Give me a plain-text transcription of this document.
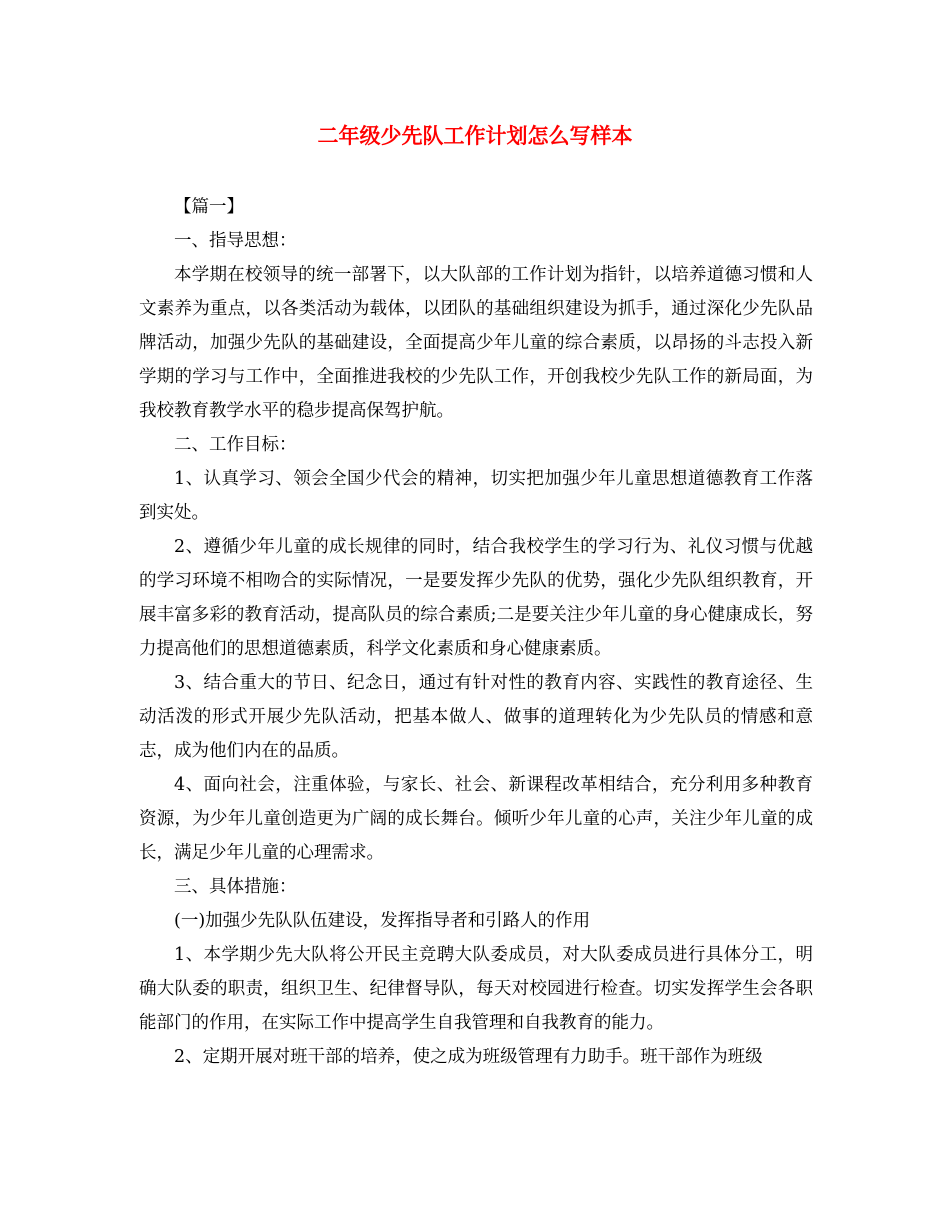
二年级少先队工作计划怎么写样本

【篇一】

一、指导思想：

本学期在校领导的统一部署下，以大队部的工作计划为指针，以培养道德习惯和人文素养为重点，以各类活动为载体，以团队的基础组织建设为抓手，通过深化少先队品牌活动，加强少先队的基础建设，全面提高少年儿童的综合素质，以昂扬的斗志投入新学期的学习与工作中，全面推进我校的少先队工作，开创我校少先队工作的新局面，为我校教育教学水平的稳步提高保驾护航。

二、工作目标：

1、认真学习、领会全国少代会的精神，切实把加强少年儿童思想道德教育工作落到实处。

2、遵循少年儿童的成长规律的同时，结合我校学生的学习行为、礼仪习惯与优越的学习环境不相吻合的实际情况，一是要发挥少先队的优势，强化少先队组织教育，开展丰富多彩的教育活动，提高队员的综合素质;二是要关注少年儿童的身心健康成长，努力提高他们的思想道德素质，科学文化素质和身心健康素质。

3、结合重大的节日、纪念日，通过有针对性的教育内容、实践性的教育途径、生动活泼的形式开展少先队活动，把基本做人、做事的道理转化为少先队员的情感和意志，成为他们内在的品质。

4、面向社会，注重体验，与家长、社会、新课程改革相结合，充分利用多种教育资源，为少年儿童创造更为广阔的成长舞台。倾听少年儿童的心声，关注少年儿童的成长，满足少年儿童的心理需求。

三、具体措施：

(一)加强少先队队伍建设，发挥指导者和引路人的作用

1、本学期少先大队将公开民主竞聘大队委成员，对大队委成员进行具体分工，明确大队委的职责，组织卫生、纪律督导队，每天对校园进行检查。切实发挥学生会各职能部门的作用，在实际工作中提高学生自我管理和自我教育的能力。

2、定期开展对班干部的培养，使之成为班级管理有力助手。班干部作为班级
